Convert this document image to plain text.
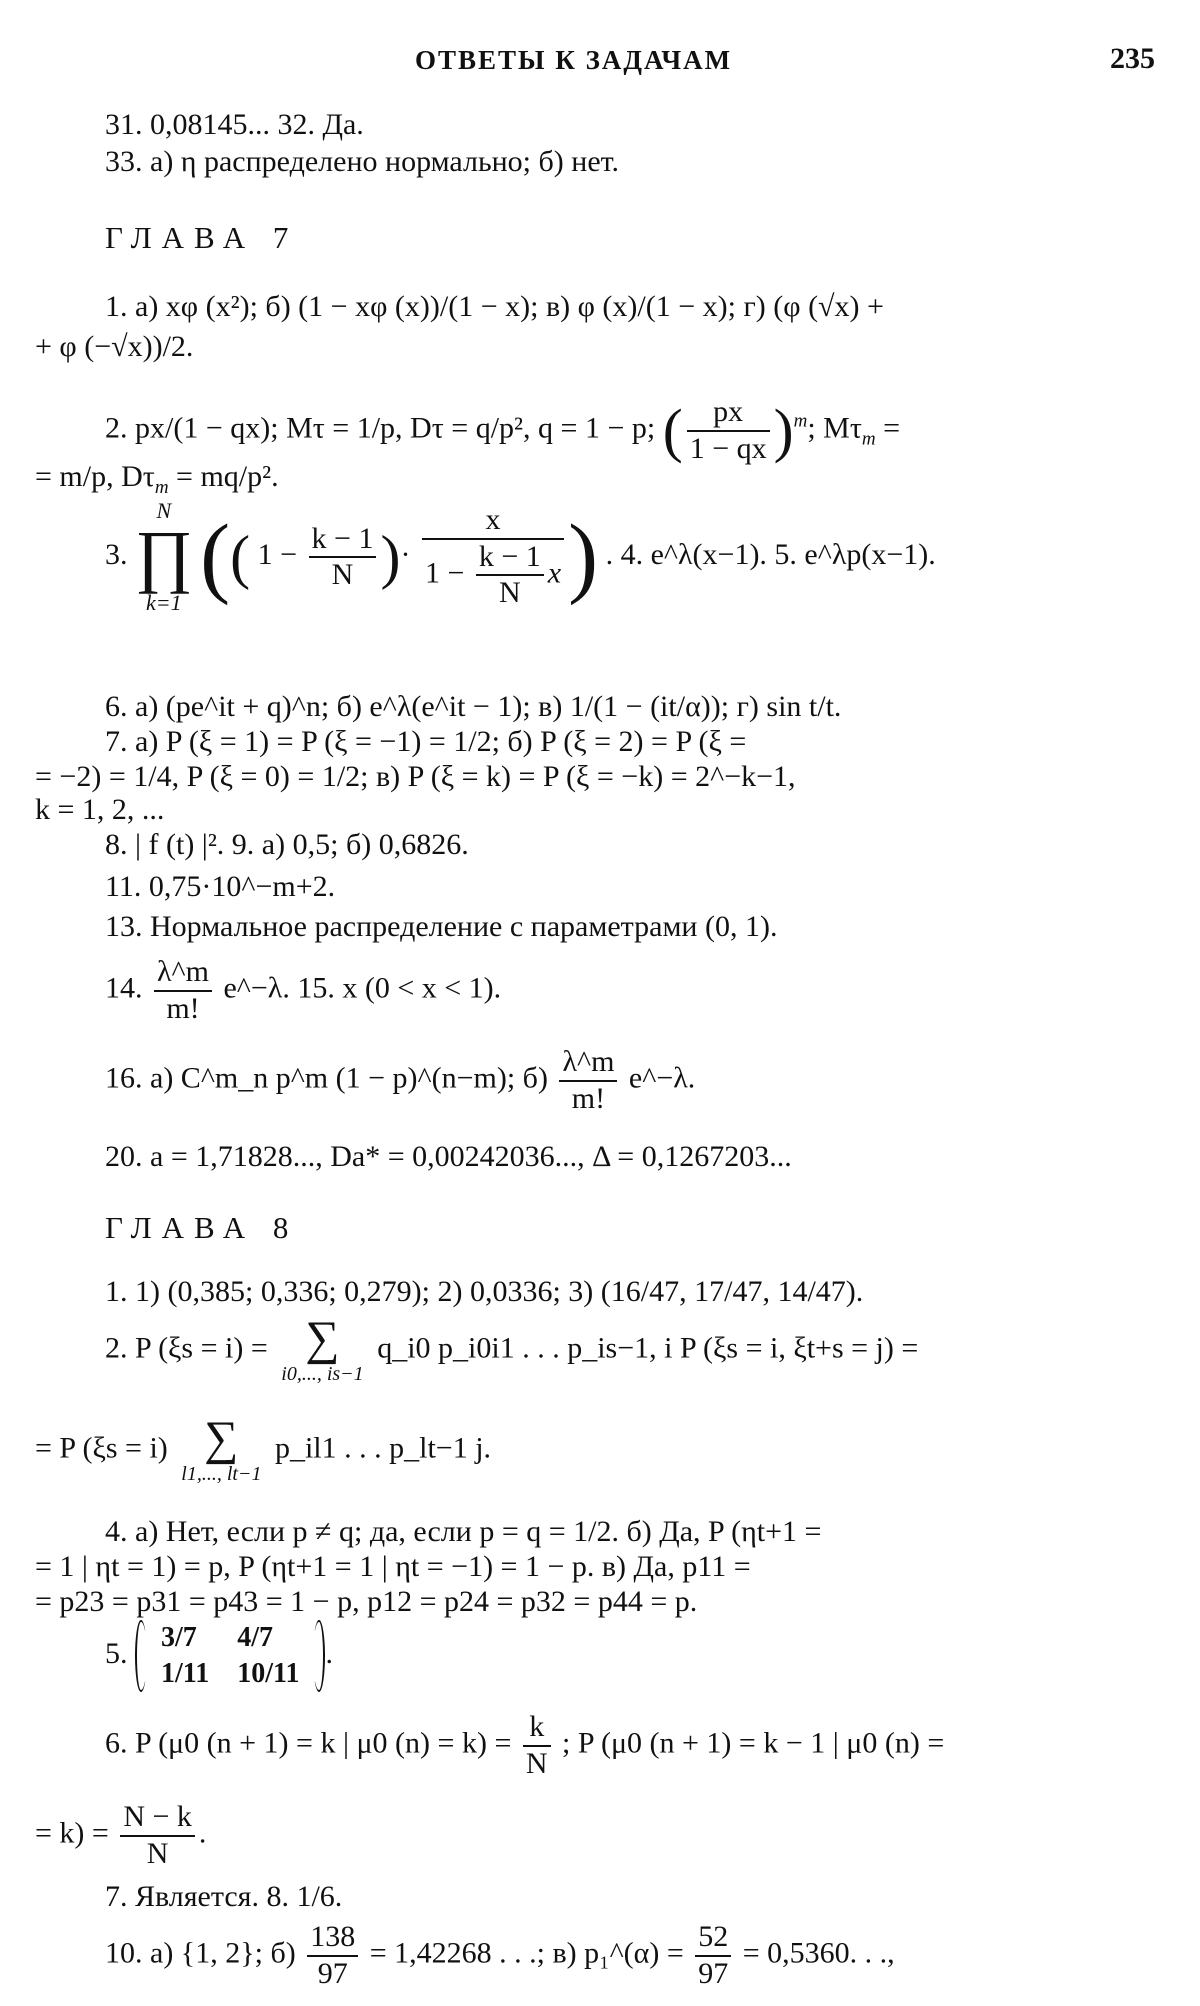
ОТВЕТЫ К ЗАДАЧАМ	235
31. 0,08145... 32. Да.
33. а) η распределено нормально; б) нет.
ГЛАВА 7
1. а) xφ (x²); б) (1 − xφ (x))/(1 − x); в) φ (x)/(1 − x); г) (φ (√x) +
+ φ (−√x))/2.
2. px/(1 − qx); Mτ = 1/p, Dτ = q/p², q = 1 − p; ( $\frac{px}{1 - qx} )^m$; $M\tau_m$ =
= m/p, $D\tau_m = mq/p^2$.
3.
N
∏
k=1 (( $1 - \frac{k - 1}{N}$ )· $\frac{x}{1 - \frac{k - 1}{N} x}$ ) . 4. e^λ(x−1). 5. e^λp(x−1).
6. а) (pe^it + q)^n; б) e^λ(e^it − 1); в) 1/(1 − (it/α)); г) sin t/t.
7. а) P (ξ = 1) = P (ξ = −1) = 1/2; б) P (ξ = 2) = P (ξ =
= −2) = 1/4, P (ξ = 0) = 1/2; в) P (ξ = k) = P (ξ = −k) = 2^−k−1,
k = 1, 2, ...
8. | f (t) |². 9. а) 0,5; б) 0,6826.
11. 0,75·10^−m+2.
13. Нормальное распределение с параметрами (0, 1).
14. $\frac{\lambda\^{}m}{m!}$ e^−λ. 15. x (0 < x < 1).
16. а) C^m_n p^m (1 − p)^(n−m); $б) \frac{\lambda\^{}m}{m!}$ e^−λ.
20. a = 1,71828..., Da* = 0,00242036..., Δ = 0,1267203...
ГЛАВА 8
1. 1) (0,385; 0,336; 0,279); 2) 0,0336; 3) (16/47, 17/47, 14/47).
2. P (ξs = i) = ∑
i0,..., is−1
q_i0 p_i0i1 . . . p_is−1, i P (ξs = i, ξt+s = j) =
= P (ξs = i) ∑
l1,..., lt−1
p_il1 . . . p_lt−1 j.
4. а) Нет, если p ≠ q; да, если p = q = 1/2. б) Да, P (ηt+1 =
= 1 | ηt = 1) = p, P (ηt+1 = 1 | ηt = −1) = 1 − p. в) Да, p11 =
= p23 = p31 = p43 = 1 − p, p12 = p24 = p32 = p44 = p.
5. 3/7	4/7
1/11	10/11
.
6. P (μ0 (n + 1) = k | μ0 $(n) = k) = \frac{k}{N}$ ; P (μ0 (n + 1) = k − 1 | μ0 (n) =
= $k) = \frac{N - k}{N}$ .
7. Является. 8. 1/6.
10. а) {1, 2}; $б) \frac{138}{97} = 1,42268$ . . .; в) p₁^(α) = $\frac{52}{97} = 0,5360$. . .,
